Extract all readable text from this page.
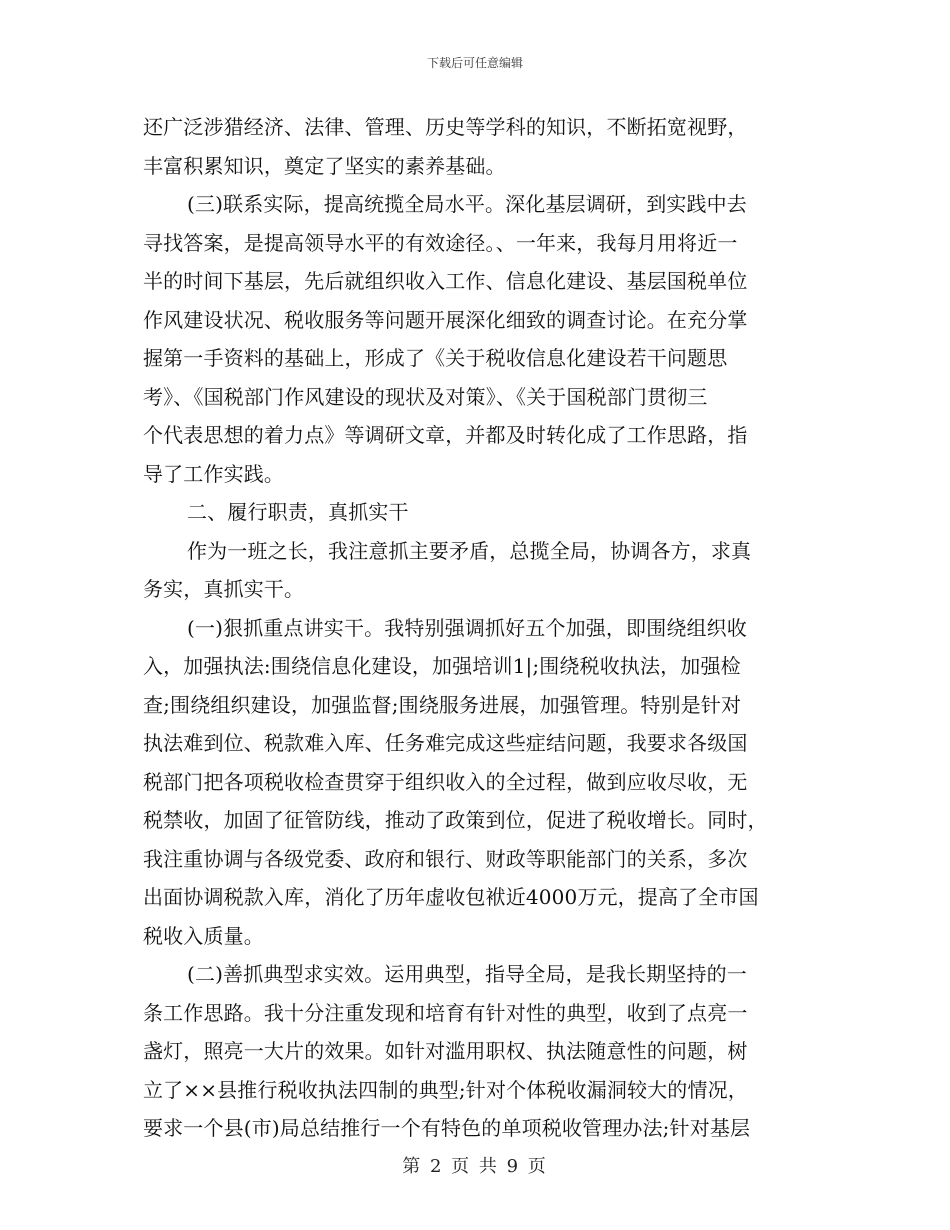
下载后可任意编辑
还广泛涉猎经济、法律、管理、历史等学科的知识，不断拓宽视野，
丰富积累知识，奠定了坚实的素养基础。
(三)联系实际，提高统揽全局水平。深化基层调研，到实践中去
寻找答案，是提高领导水平的有效途径。、一年来，我每月用将近一
半的时间下基层，先后就组织收入工作、信息化建设、基层国税单位
作风建设状况、税收服务等问题开展深化细致的调查讨论。在充分掌
握第一手资料的基础上，形成了《关于税收信息化建设若干问题思
考》、《国税部门作风建设的现状及对策》、《关于国税部门贯彻三
个代表思想的着力点》等调研文章，并都及时转化成了工作思路，指
导了工作实践。
二、履行职责，真抓实干
作为一班之长，我注意抓主要矛盾，总揽全局，协调各方，求真
务实，真抓实干。
(一)狠抓重点讲实干。我特别强调抓好五个加强，即围绕组织收
入，加强执法:围绕信息化建设，加强培训1|;围绕税收执法，加强检
查;围绕组织建设，加强监督;围绕服务进展，加强管理。特别是针对
执法难到位、税款难入库、任务难完成这些症结问题，我要求各级国
税部门把各项税收检查贯穿于组织收入的全过程，做到应收尽收，无
税禁收，加固了征管防线，推动了政策到位，促进了税收增长。同时，
我注重协调与各级党委、政府和银行、财政等职能部门的关系，多次
出面协调税款入库，消化了历年虚收包袱近4000万元，提高了全市国
税收入质量。
(二)善抓典型求实效。运用典型，指导全局，是我长期坚持的一
条工作思路。我十分注重发现和培育有针对性的典型，收到了点亮一
盏灯，照亮一大片的效果。如针对滥用职权、执法随意性的问题，树
立了××县推行税收执法四制的典型;针对个体税收漏洞较大的情况，
要求一个县(市)局总结推行一个有特色的单项税收管理办法;针对基层
第 2 页 共 9 页
